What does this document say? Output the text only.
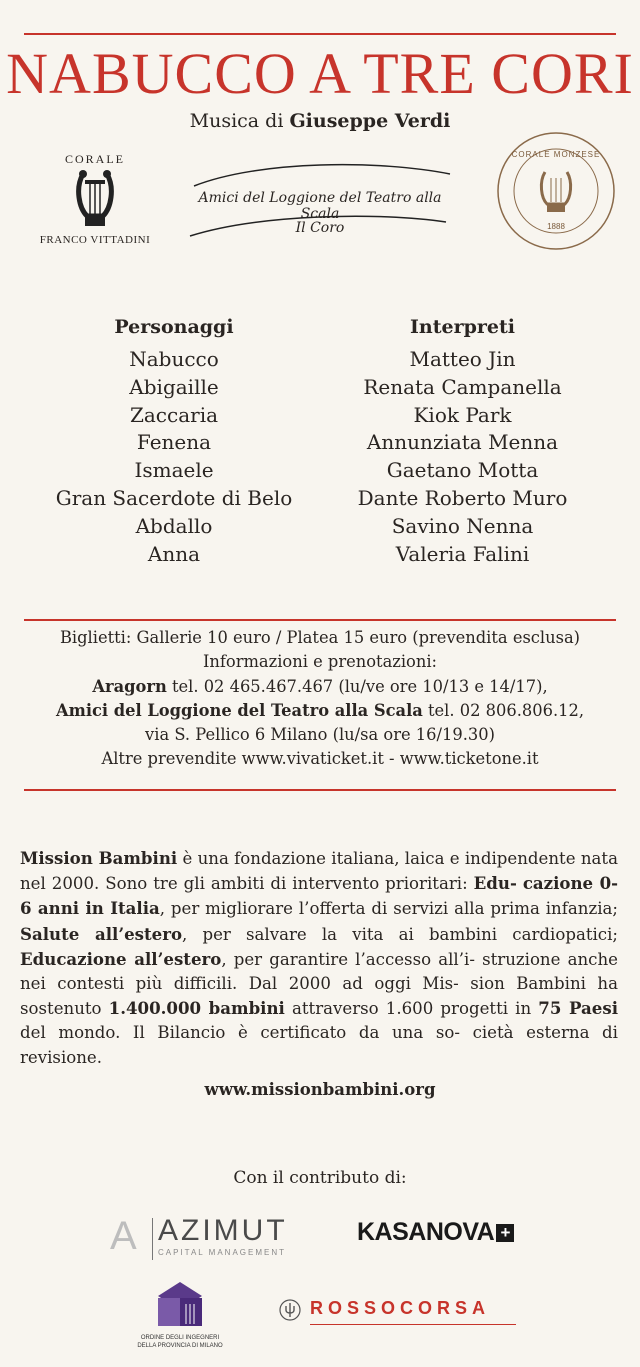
NABUCCO A TRE CORI
Musica di Giuseppe Verdi
CORALE
FRANCO VITTADINI
Amici del Loggione del Teatro alla Scala
Il Coro
CORALE MONZESE
1888
Personaggi	Interpreti
Nabucco
Abigaille
Zaccaria
Fenena
Ismaele
Gran Sacerdote di Belo
Abdallo
Anna
Matteo Jin
Renata Campanella
Kiok Park
Annunziata Menna
Gaetano Motta
Dante Roberto Muro
Savino Nenna
Valeria Falini
Biglietti: Gallerie 10 euro / Platea 15 euro (prevendita esclusa)
Informazioni e prenotazioni:
Aragorn tel. 02 465.467.467 (lu/ve ore 10/13 e 14/17),
Amici del Loggione del Teatro alla Scala tel. 02 806.806.12,
via S. Pellico 6 Milano (lu/sa ore 16/19.30)
Altre prevendite www.vivaticket.it - www.ticketone.it
Mission Bambini è una fondazione italiana, laica e indipendente nata nel 2000. Sono tre gli ambiti di intervento prioritari: Edu- cazione 0-6 anni in Italia, per migliorare l’offerta di servizi alla prima infanzia; Salute all’estero, per salvare la vita ai bambini cardiopatici; Educazione all’estero, per garantire l’accesso all’i- struzione anche nei contesti più difficili. Dal 2000 ad oggi Mis- sion Bambini ha sostenuto 1.400.000 bambini attraverso 1.600 progetti in 75 Paesi del mondo. Il Bilancio è certificato da una so- cietà esterna di revisione.
www.missionbambini.org
Con il contributo di:
A AZIMUT
CAPITAL MANAGEMENT
KASANOVA +
ORDINE DEGLI INGEGNERI
DELLA PROVINCIA DI MILANO
ROSSOCORSA
